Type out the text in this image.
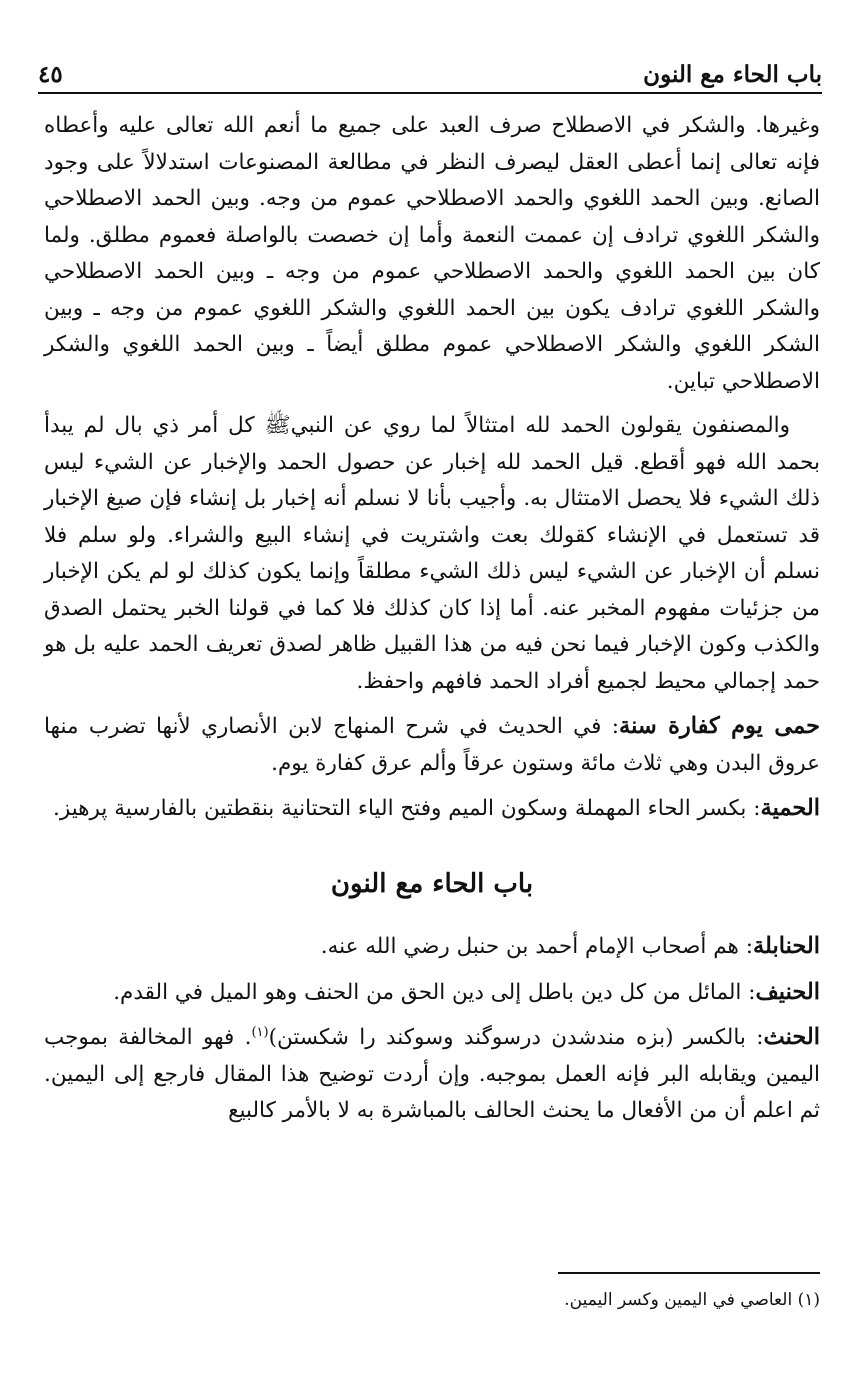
باب الحاء مع النون
٤٥

وغيرها. والشكر في الاصطلاح صرف العبد على جميع ما أنعم الله تعالى عليه وأعطاه فإنه تعالى إنما أعطى العقل ليصرف النظر في مطالعة المصنوعات استدلالاً على وجود الصانع. وبين الحمد اللغوي والحمد الاصطلاحي عموم من وجه. وبين الحمد الاصطلاحي والشكر اللغوي ترادف إن عممت النعمة وأما إن خصصت بالواصلة فعموم مطلق. ولما كان بين الحمد اللغوي والحمد الاصطلاحي عموم من وجه ـ وبين الحمد الاصطلاحي والشكر اللغوي ترادف يكون بين الحمد اللغوي والشكر اللغوي عموم من وجه ـ وبين الشكر اللغوي والشكر الاصطلاحي عموم مطلق أيضاً ـ وبين الحمد اللغوي والشكر الاصطلاحي تباين.

والمصنفون يقولون الحمد لله امتثالاً لما روي عن النبيﷺ كل أمر ذي بال لم يبدأ بحمد الله فهو أقطع. قيل الحمد لله إخبار عن حصول الحمد والإخبار عن الشيء ليس ذلك الشيء فلا يحصل الامتثال به. وأجيب بأنا لا نسلم أنه إخبار بل إنشاء فإن صيغ الإخبار قد تستعمل في الإنشاء كقولك بعت واشتريت في إنشاء البيع والشراء. ولو سلم فلا نسلم أن الإخبار عن الشيء ليس ذلك الشيء مطلقاً وإنما يكون كذلك لو لم يكن الإخبار من جزئيات مفهوم المخبر عنه. أما إذا كان كذلك فلا كما في قولنا الخبر يحتمل الصدق والكذب وكون الإخبار فيما نحن فيه من هذا القبيل ظاهر لصدق تعريف الحمد عليه بل هو حمد إجمالي محيط لجميع أفراد الحمد فافهم واحفظ.

حمى يوم كفارة سنة: في الحديث في شرح المنهاج لابن الأنصاري لأنها تضرب منها عروق البدن وهي ثلاث مائة وستون عرقاً وألم عرق كفارة يوم.

الحمية: بكسر الحاء المهملة وسكون الميم وفتح الياء التحتانية بنقطتين بالفارسية پرهيز.

باب الحاء مع النون

الحنابلة: هم أصحاب الإمام أحمد بن حنبل رضي الله عنه.

الحنيف: المائل من كل دين باطل إلى دين الحق من الحنف وهو الميل في القدم.

الحنث: بالكسر (بزه مندشدن درسوگند وسوكند را شكستن)$^{(١)}$. فهو المخالفة بموجب اليمين ويقابله البر فإنه العمل بموجبه. وإن أردت توضيح هذا المقال فارجع إلى اليمين. ثم اعلم أن من الأفعال ما يحنث الحالف بالمباشرة به لا بالأمر كالبيع

(١) العاصي في اليمين وكسر اليمين.
